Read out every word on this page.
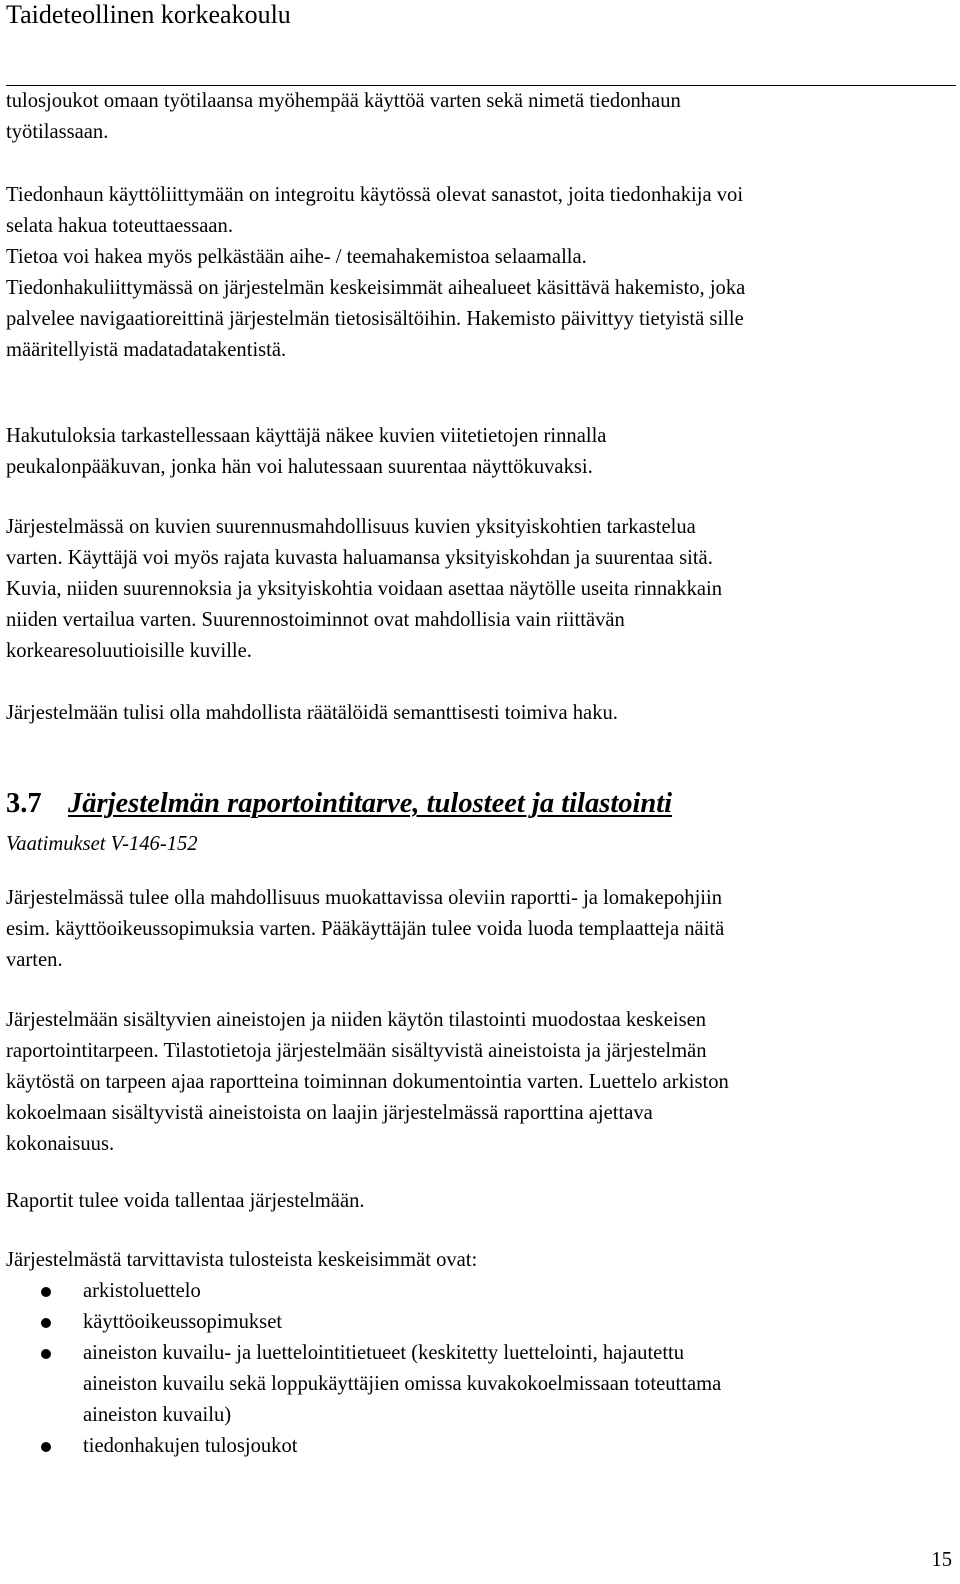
Taideteollinen korkeakoulu
tulosjoukot omaan työtilaansa myöhempää käyttöä varten sekä nimetä tiedonhaun
työtilassaan.
Tiedonhaun käyttöliittymään on integroitu käytössä olevat sanastot, joita tiedonhakija voi
selata hakua toteuttaessaan.
Tietoa voi hakea myös pelkästään aihe- / teemahakemistoa selaamalla.
Tiedonhakuliittymässä on järjestelmän keskeisimmät aihealueet käsittävä hakemisto, joka
palvelee navigaatioreittinä järjestelmän tietosisältöihin. Hakemisto päivittyy tietyistä sille
määritellyistä madatadatakentistä.
Hakutuloksia tarkastellessaan käyttäjä näkee kuvien viitetietojen rinnalla
peukalonpääkuvan, jonka hän voi halutessaan suurentaa näyttökuvaksi.
Järjestelmässä on kuvien suurennusmahdollisuus kuvien yksityiskohtien tarkastelua
varten. Käyttäjä voi myös rajata kuvasta haluamansa yksityiskohdan ja suurentaa sitä.
Kuvia, niiden suurennoksia ja yksityiskohtia voidaan asettaa näytölle useita rinnakkain
niiden vertailua varten. Suurennostoiminnot ovat mahdollisia vain riittävän
korkearesoluutioisille kuville.
Järjestelmään tulisi olla mahdollista räätälöidä semanttisesti toimiva haku.
3.7 Järjestelmän raportointitarve, tulosteet ja tilastointi
Vaatimukset V-146-152
Järjestelmässä tulee olla mahdollisuus muokattavissa oleviin raportti- ja lomakepohjiin
esim. käyttöoikeussopimuksia varten. Pääkäyttäjän tulee voida luoda templaatteja näitä
varten.
Järjestelmään sisältyvien aineistojen ja niiden käytön tilastointi muodostaa keskeisen
raportointitarpeen. Tilastotietoja järjestelmään sisältyvistä aineistoista ja järjestelmän
käytöstä on tarpeen ajaa raportteina toiminnan dokumentointia varten. Luettelo arkiston
kokoelmaan sisältyvistä aineistoista on laajin järjestelmässä raporttina ajettava
kokonaisuus.
Raportit tulee voida tallentaa järjestelmään.
Järjestelmästä tarvittavista tulosteista keskeisimmät ovat:
arkistoluettelo
käyttöoikeussopimukset
aineiston kuvailu- ja luettelointitietueet (keskitetty luettelointi, hajautettu
aineiston kuvailu sekä loppukäyttäjien omissa kuvakokoelmissaan toteuttama
aineiston kuvailu)
tiedonhakujen tulosjoukot
15
